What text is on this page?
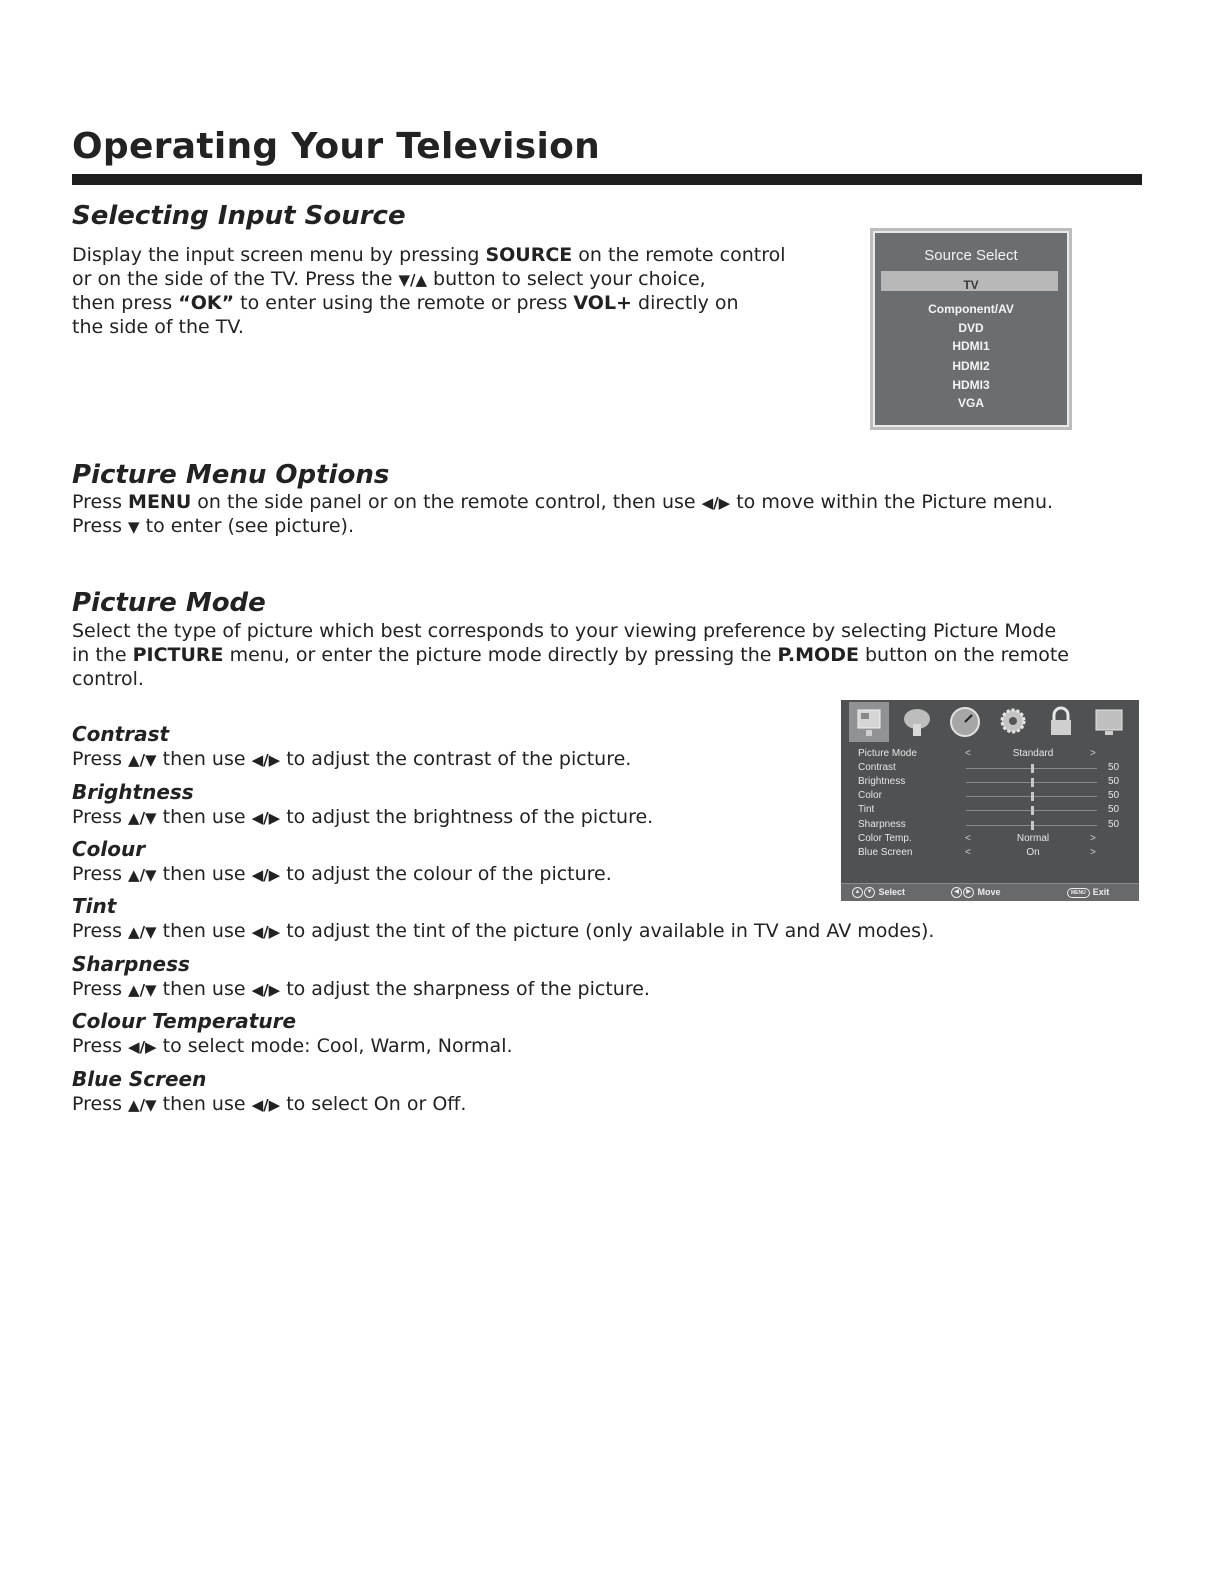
Operating Your Television
Selecting Input Source

Display the input screen menu by pressing SOURCE on the remote control

or on the side of the TV. Press the ▼/▲ button to select your choice,

then press “OK” to enter using the remote or press VOL+ directly on

the side of the TV.

Source Select
TV
Component/AV
DVD
HDMI1
HDMI2
HDMI3
VGA
Picture Menu Options

Press MENU on the side panel or on the remote control, then use ◀/▶ to move within the Picture menu.

Press ▼ to enter (see picture).

Picture Mode

Select the type of picture which best corresponds to your viewing preference by selecting Picture Mode

in the PICTURE menu, or enter the picture mode directly by pressing the P.MODE button on the remote

control.

Contrast

Press ▲/▼ then use ◀/▶ to adjust the contrast of the picture.

Brightness

Press ▲/▼ then use ◀/▶ to adjust the brightness of the picture.

Colour

Press ▲/▼ then use ◀/▶ to adjust the colour of the picture.

Tint

Press ▲/▼ then use ◀/▶ to adjust the tint of the picture (only available in TV and AV modes).

Sharpness

Press ▲/▼ then use ◀/▶ to adjust the sharpness of the picture.

Colour Temperature

Press ◀/▶ to select mode: Cool, Warm, Normal.

Blue Screen

Press ▲/▼ then use ◀/▶ to select On or Off.

Picture Mode	<	Standard	>
Contrast	50
Brightness	50
Color	50
Tint	50
Sharpness	50
Color Temp.	<	Normal	>
Blue Screen	<	On	>
▲ ▼ Select	◀ ▶ Move	MENU Exit
